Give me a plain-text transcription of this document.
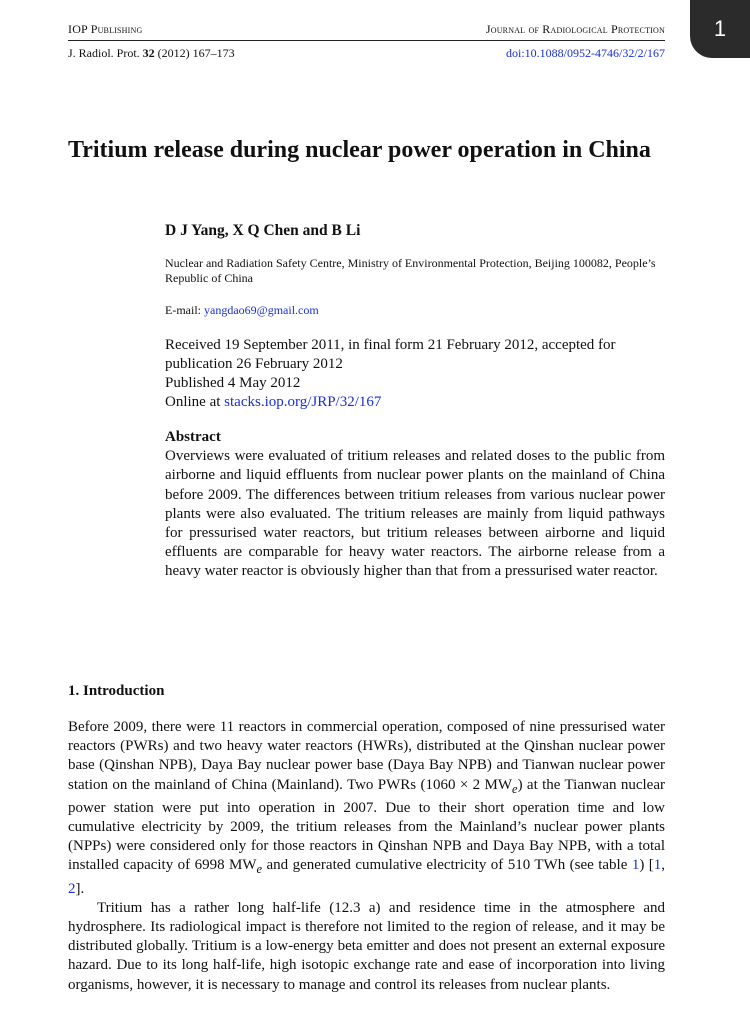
1
IOP Publishing	Journal of Radiological Protection
J. Radiol. Prot. 32 (2012) 167–173	doi:10.1088/0952-4746/32/2/167
Tritium release during nuclear power operation in China
D J Yang, X Q Chen and B Li
Nuclear and Radiation Safety Centre, Ministry of Environmental Protection, Beijing 100082, People’s Republic of China
E-mail: yangdao69@gmail.com
Received 19 September 2011, in final form 21 February 2012, accepted for publication 26 February 2012
Published 4 May 2012
Online at stacks.iop.org/JRP/32/167
Abstract
Overviews were evaluated of tritium releases and related doses to the public from airborne and liquid effluents from nuclear power plants on the mainland of China before 2009. The differences between tritium releases from various nuclear power plants were also evaluated. The tritium releases are mainly from liquid pathways for pressurised water reactors, but tritium releases between airborne and liquid effluents are comparable for heavy water reactors. The airborne release from a heavy water reactor is obviously higher than that from a pressurised water reactor.
1. Introduction

Before 2009, there were 11 reactors in commercial operation, composed of nine pressurised water reactors (PWRs) and two heavy water reactors (HWRs), distributed at the Qinshan nuclear power base (Qinshan NPB), Daya Bay nuclear power base (Daya Bay NPB) and Tianwan nuclear power station on the mainland of China (Mainland). Two PWRs (1060 × 2 $MW_e$) at the Tianwan nuclear power station were put into operation in 2007. Due to their short operation time and low cumulative electricity by 2009, the tritium releases from the Mainland’s nuclear power plants (NPPs) were considered only for those reactors in Qinshan NPB and Daya Bay NPB, with a total installed capacity of 6998 $MW_e$ and generated cumulative electricity of 510 TWh (see table 1) [1, 2].

Tritium has a rather long half-life (12.3 a) and residence time in the atmosphere and hydrosphere. Its radiological impact is therefore not limited to the region of release, and it may be distributed globally. Tritium is a low-energy beta emitter and does not present an external exposure hazard. Due to its long half-life, high isotopic exchange rate and ease of incorporation into living organisms, however, it is necessary to manage and control its releases from nuclear plants.
